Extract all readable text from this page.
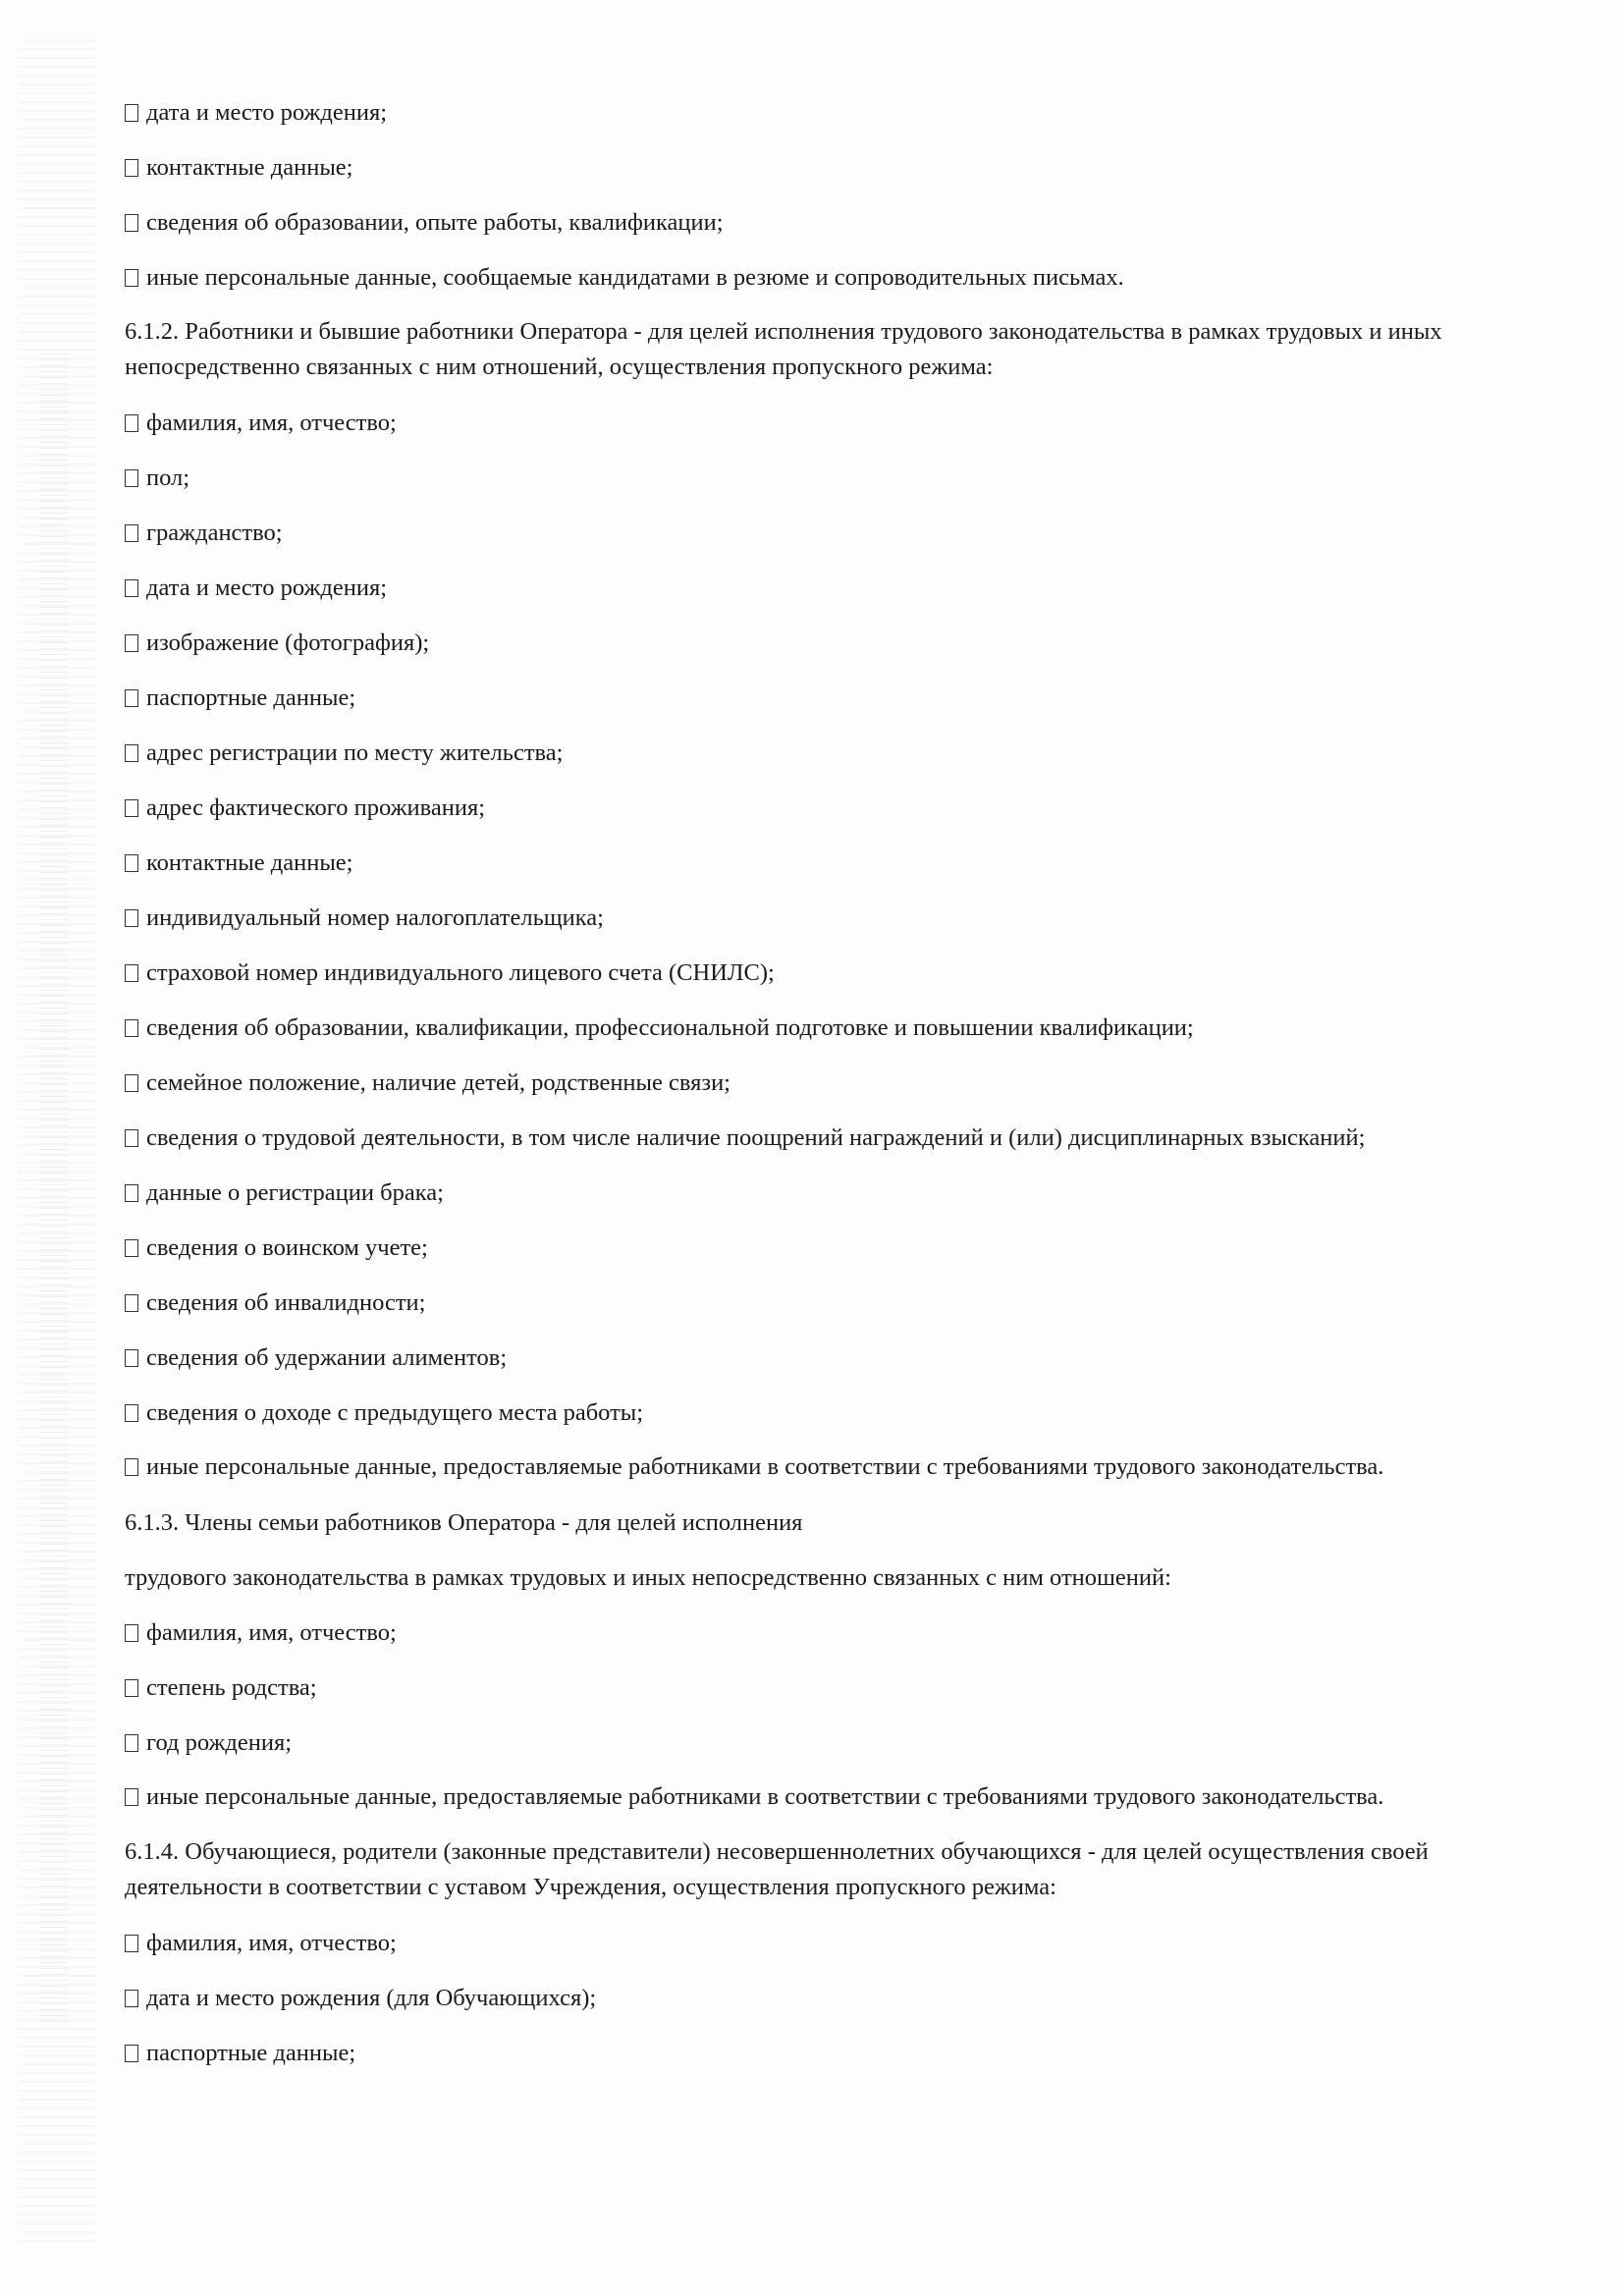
дата и место рождения;
контактные данные;
сведения об образовании, опыте работы, квалификации;
иные персональные данные, сообщаемые кандидатами в резюме и сопроводительных письмах.
6.1.2. Работники и бывшие работники Оператора - для целей исполнения трудового законодательства в рамках трудовых и иных непосредственно связанных с ним отношений, осуществления пропускного режима:
фамилия, имя, отчество;
пол;
гражданство;
дата и место рождения;
изображение (фотография);
паспортные данные;
адрес регистрации по месту жительства;
адрес фактического проживания;
контактные данные;
индивидуальный номер налогоплательщика;
страховой номер индивидуального лицевого счета (СНИЛС);
сведения об образовании, квалификации, профессиональной подготовке и повышении квалификации;
семейное положение, наличие детей, родственные связи;
сведения о трудовой деятельности, в том числе наличие поощрений награждений и (или) дисциплинарных взысканий;
данные о регистрации брака;
сведения о воинском учете;
сведения об инвалидности;
сведения об удержании алиментов;
сведения о доходе с предыдущего места работы;
иные персональные данные, предоставляемые работниками в соответствии с требованиями трудового законодательства.
6.1.3. Члены семьи работников Оператора - для целей исполнения
трудового законодательства в рамках трудовых и иных непосредственно связанных с ним отношений:
фамилия, имя, отчество;
степень родства;
год рождения;
иные персональные данные, предоставляемые работниками в соответствии с требованиями трудового законодательства.
6.1.4. Обучающиеся, родители (законные представители) несовершеннолетних обучающихся - для целей осуществления своей деятельности в соответствии с уставом Учреждения, осуществления пропускного режима:
фамилия, имя, отчество;
дата и место рождения (для Обучающихся);
паспортные данные;
